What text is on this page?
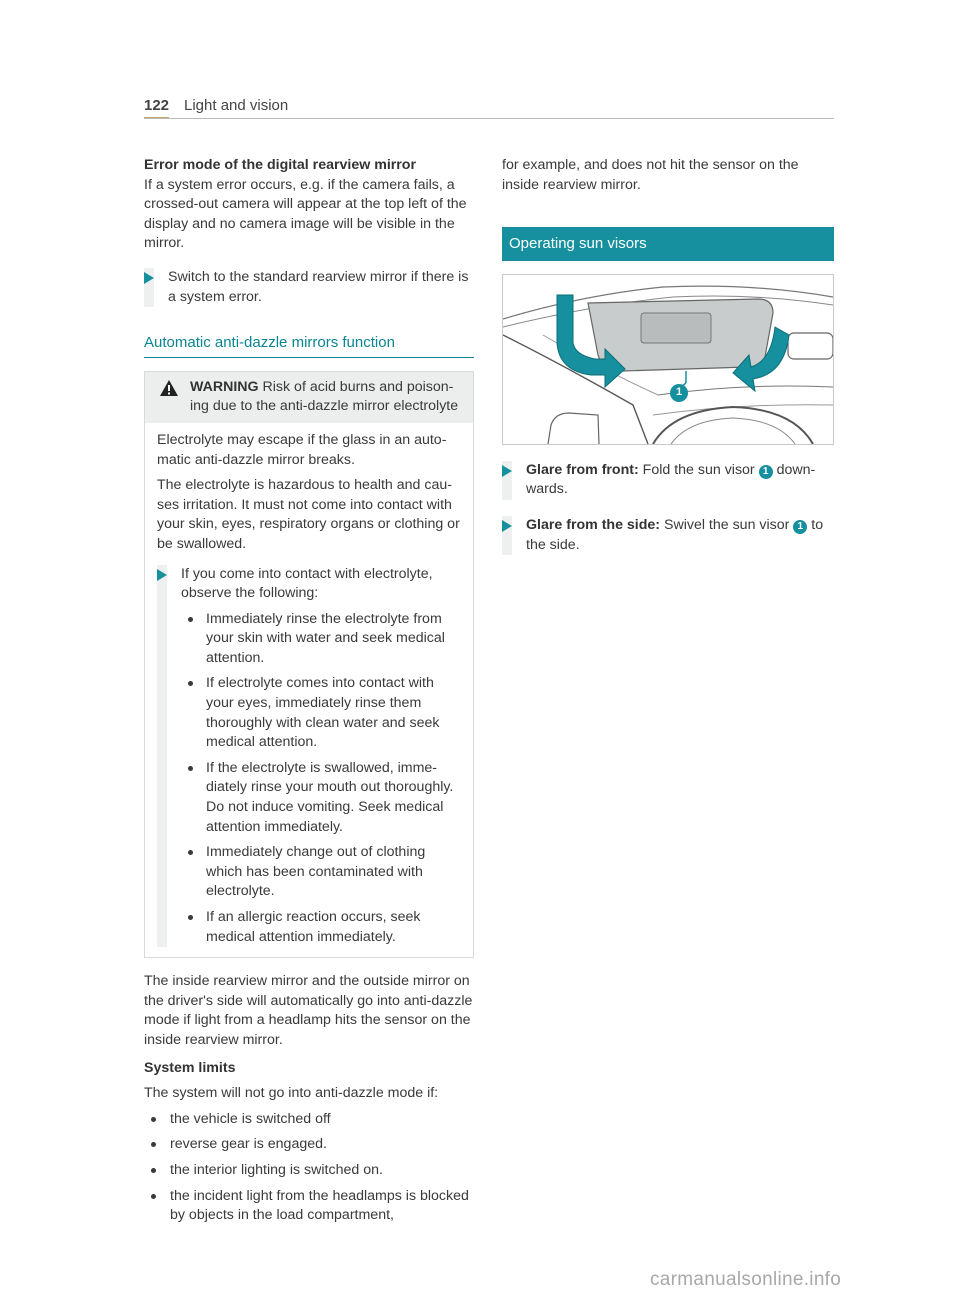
122 Light and vision

Error mode of the digital rearview mirror

If a system error occurs, e.g. if the camera fails, a crossed-out camera will appear at the top left of the display and no camera image will be visible in the mirror.

Switch to the standard rearview mirror if there is a system error.

Automatic anti-dazzle mirrors function
WARNING Risk of acid burns and poisoning due to the anti-dazzle mirror electrolyte

Electrolyte may escape if the glass in an automatic anti-dazzle mirror breaks.

The electrolyte is hazardous to health and causes irritation. It must not come into contact with your skin, eyes, respiratory organs or clothing or be swallowed.

If you come into contact with electrolyte, observe the following:

Immediately rinse the electrolyte from your skin with water and seek medical attention.
If electrolyte comes into contact with your eyes, immediately rinse them thoroughly with clean water and seek medical attention.
If the electrolyte is swallowed, immediately rinse your mouth out thoroughly. Do not induce vomiting. Seek medical attention immediately.
Immediately change out of clothing which has been contaminated with electrolyte.
If an allergic reaction occurs, seek medical attention immediately.

The inside rearview mirror and the outside mirror on the driver's side will automatically go into anti-dazzle mode if light from a headlamp hits the sensor on the inside rearview mirror.

System limits

The system will not go into anti-dazzle mode if:

the vehicle is switched off
reverse gear is engaged.
the interior lighting is switched on.
the incident light from the headlamps is blocked by objects in the load compartment,

for example, and does not hit the sensor on the inside rearview mirror.

Operating sun visors
1

Glare from front: Fold the sun visor 1 downwards.

Glare from the side: Swivel the sun visor 1 to the side.

carmanualsonline.info
